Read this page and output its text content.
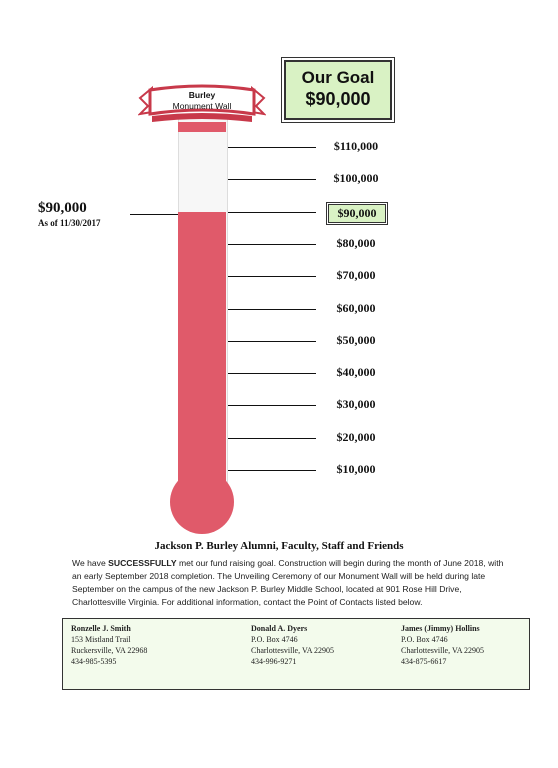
Our Goal
$90,000
Burley
Monument Wall
$90,000
As of 11/30/2017
$110,000
$100,000
$90,000
$80,000
$70,000
$60,000
$50,000
$40,000
$30,000
$20,000
$10,000
Jackson P. Burley Alumni, Faculty, Staff and Friends
We have SUCCESSFULLY met our fund raising goal. Construction will begin during the month of June 2018, with an early September 2018 completion. The Unveiling Ceremony of our Monument Wall will be held during late September on the campus of the new Jackson P. Burley Middle School, located at 901 Rose Hill Drive, Charlottesville Virginia. For additional information, contact the Point of Contacts listed below.
Ronzelle J. Smith
153 Mistland Trail
Ruckersville, VA 22968
434-985-5395
Donald A. Dyers
P.O. Box 4746
Charlottesville, VA 22905
434-996-9271
James (Jimmy) Hollins
P.O. Box 4746
Charlottesville, VA 22905
434-875-6617
